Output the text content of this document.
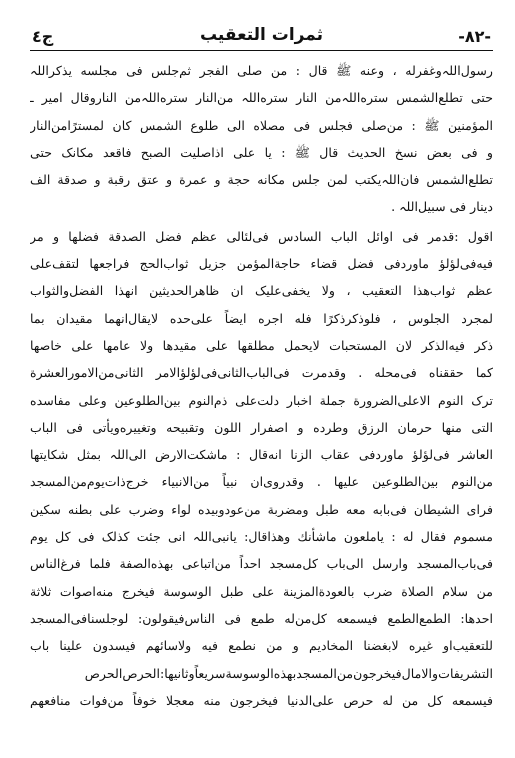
-۸۲-
ثمرات التعقیب
ج٤

رسول‌اللہ‌وغفرله ، وعنه ﷺ قال : من صلى الفجر ثم‌جلس فی مجلسه یذکر‌اللہ
حتى تطلع‌الشمس ستره‌اللہ‌من النار ستره‌اللہ من‌النار ستره‌اللہ‌من النار‌وقال امیر ـ
المؤمنین ﷺ : من‌صلی فجلس فی مصلاه الی طلوع الشمس کان لمسترًا‌من‌النار
و فی بعض نسخ الحدیث قال ﷺ : یا علی اذاصلیت الصبح فاقعد مکانک حتى
تطلع‌الشمس فان‌اللہ‌یکتب لمن جلس مکانه حجة و عمرة و عتق رقبة و صدقة الف
دینار فی سبیل‌اللہ .

اقول :قدمر فی اوائل الباب السادس فی‌لئالی عظم فضل الصدقة فضلها و مر
فیه‌فی‌لؤلؤ ماوردفی فضل قضاء حاجة‌المؤمن جزیل ثواب‌الحج فراجعها لتقف‌على
عظم ثواب‌هذا التعقیب ، ولا یخفی‌علیک ان ظاهر‌الحدیثین انهذا الفضل‌والثواب
لمجرد الجلوس ، فلوذکرذکرًا فله اجره ایضاً على‌حده لایقال‌انهما مقیدان بما
ذکر فیه‌الذکر لان المستحبات لایحمل مطلقها على مقیدها ولا عامها على خاصها
کما حققناه فی‌محله . وقدمرت فی‌الباب‌الثانی‌فی‌لؤلؤ‌الامر الثانی‌من‌الامور‌العشرة
ترک النوم الاعلی‌الضرورة جملة اخبار دلت‌على ذم‌النوم بین‌الطلوعین وعلى مفاسده
التی منها حرمان الرزق وطرده و اصفرار اللون وتقبیحه وتغییره‌ویأتی فی الباب
العاشر فی‌لؤلؤ ماوردفی عقاب الزنا انه‌قال : ماشکت‌الارض الی‌اللہ بمثل شکایتها
من‌النوم بین‌الطلوعین علیها . وقدروی‌ان نبیاً من‌الانبیاء خرج‌ذات‌یوم‌من‌المسجد
فرای الشیطان فی‌بابه معه طبل ومضربة من‌عودوبیده لواء وضرب على بطنه سکین
مسموم فقال له : ياملعون ماشأنك وهذا‌قال: یانبی‌اللہ انی جئت کذلک فی کل یوم
فی‌باب‌المسجد وارسل الی‌باب کل‌مسجد احداً من‌اتباعی بهذه‌الصفة فلما فرغ‌الناس
من سلام الصلاة ضرب بالعودة‌المزینة على طبل الوسوسة فیخرج منه‌اصوات ثلاثة
احدها: الطمع‌الطمع فیسمعه کل‌من‌له طمع فی الناس‌فیقولون: لوجلسنافی‌المسجد
للتعقیب‌او غیره لابغضنا المخادیم و من نطمع فیه ولاسائهم فیسدون علینا باب
التشریفات‌والامال‌فیخرجون‌من‌المسجد‌بهذه‌الوسوسة‌سریعاً‌وثانیها:الحرص‌الحرص
فیسمعه کل من له حرص على‌الدنیا فیخرجون منه معجلا خوفاً من‌فوات منافعهم
